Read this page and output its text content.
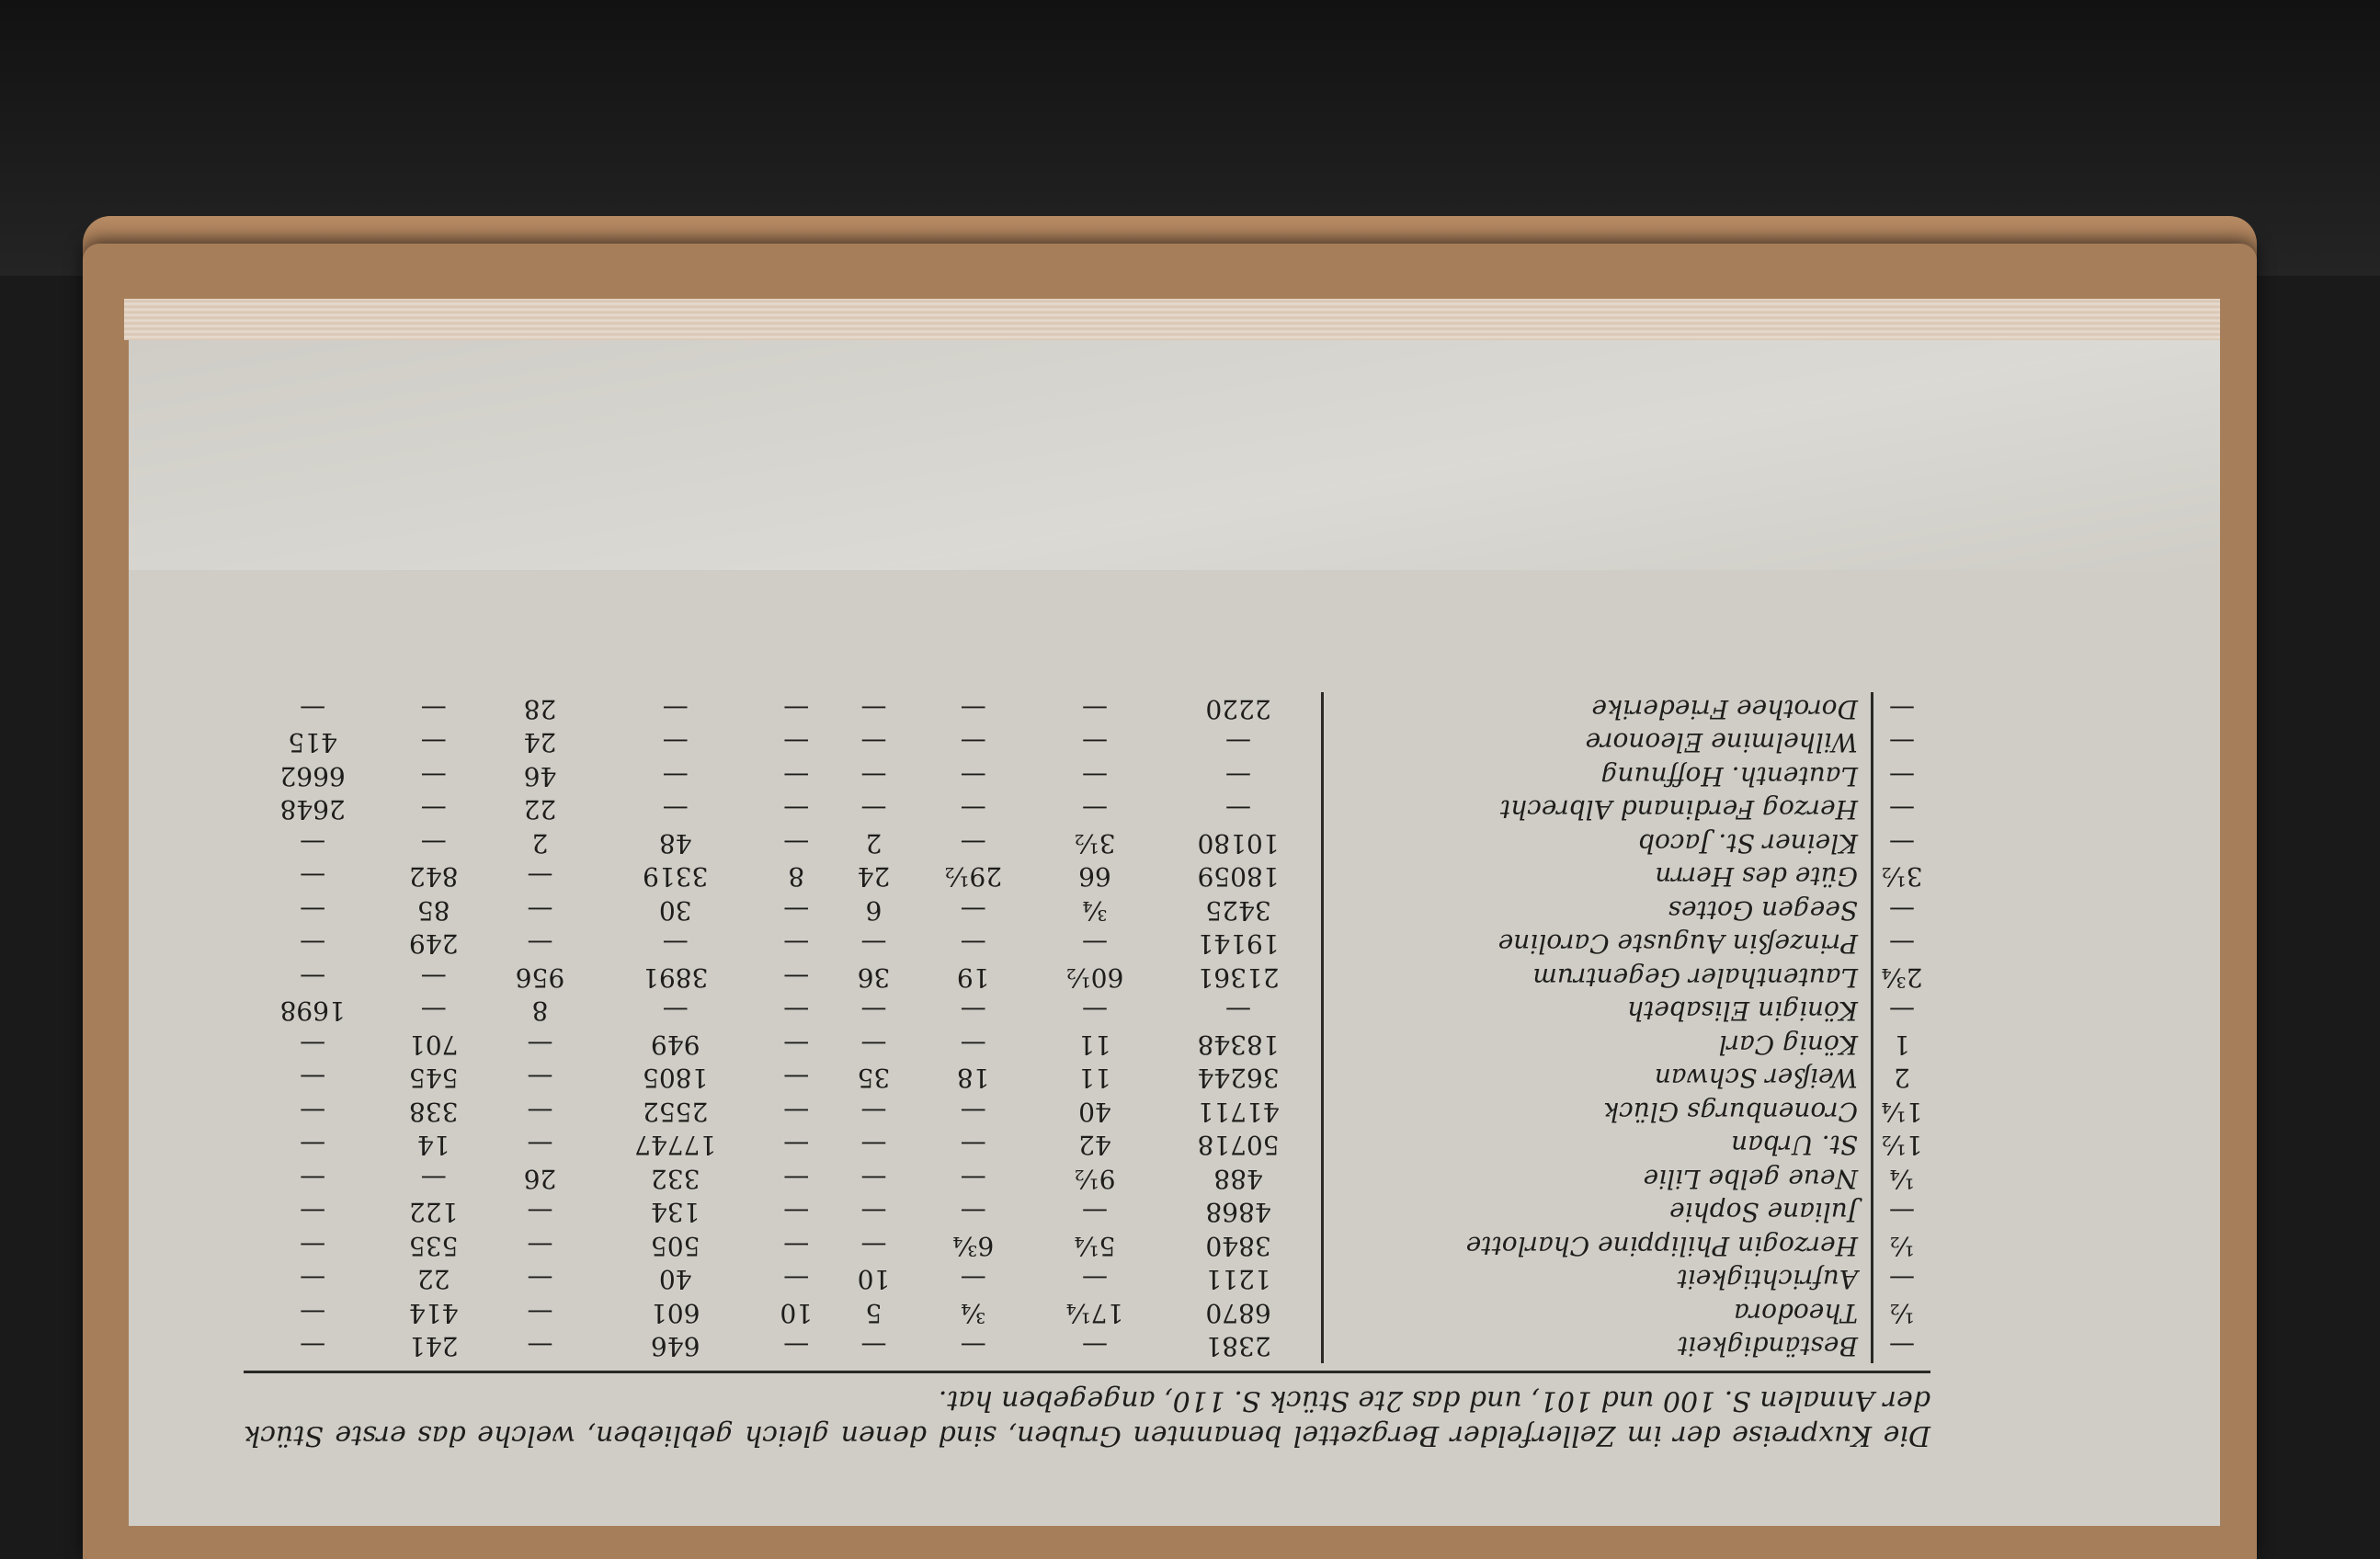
Die Kuxpreise der im Zellerfelder Bergzettel benannten Gruben, sind denen gleich geblieben, welche das erste Stück der Annalen S. 100 und 101, und das 2te Stück S. 110, angegeben hat.

—	Beständigkeit	2381	—	—	—	—	646	—	241	—
½	Theodora	6870	17¼	¾	5	10	601	—	414	—
—	Aufrichtigkeit	1211	—	—	10	—	40	—	22	—
½	Herzogin Philippine Charlotte	3840	5¼	6¾	—	—	505	—	535	—
—	Juliane Sophie	4868	—	—	—	—	134	—	122	—
¼	Neue gelbe Lilie	488	9½	—	—	—	332	26	—	—
1½	St. Urban	50718	42	—	—	—	17747	—	14	—
1¼	Cronenburgs Glück	41711	40	—	—	—	2552	—	338	—
2	Weißer Schwan	36244	11	18	35	—	1805	—	545	—
1	König Carl	18348	11	—	—	—	949	—	701	—
—	Königin Elisabeth	—	—	—	—	—	—	8	—	1698
2¾	Lautenthaler Gegentrum	21361	60½	19	36	—	3891	956	—	—
—	Prinzeßin Auguste Caroline	19141	—	—	—	—	—	—	249	—
—	Seegen Gottes	3425	¾	—	6	—	30	—	85	—
3½	Güte des Herrn	18059	66	29½	24	8	3319	—	842	—
—	Kleiner St. Jacob	10180	3½	—	2	—	48	2	—	—
—	Herzog Ferdinand Albrecht	—	—	—	—	—	—	22	—	2648
—	Lautenth. Hoffnung	—	—	—	—	—	—	46	—	6662
—	Wilhelmine Eleonore	—	—	—	—	—	—	24	—	415
—	Dorothee Friederike	2220	—	—	—	—	—	28	—	—
